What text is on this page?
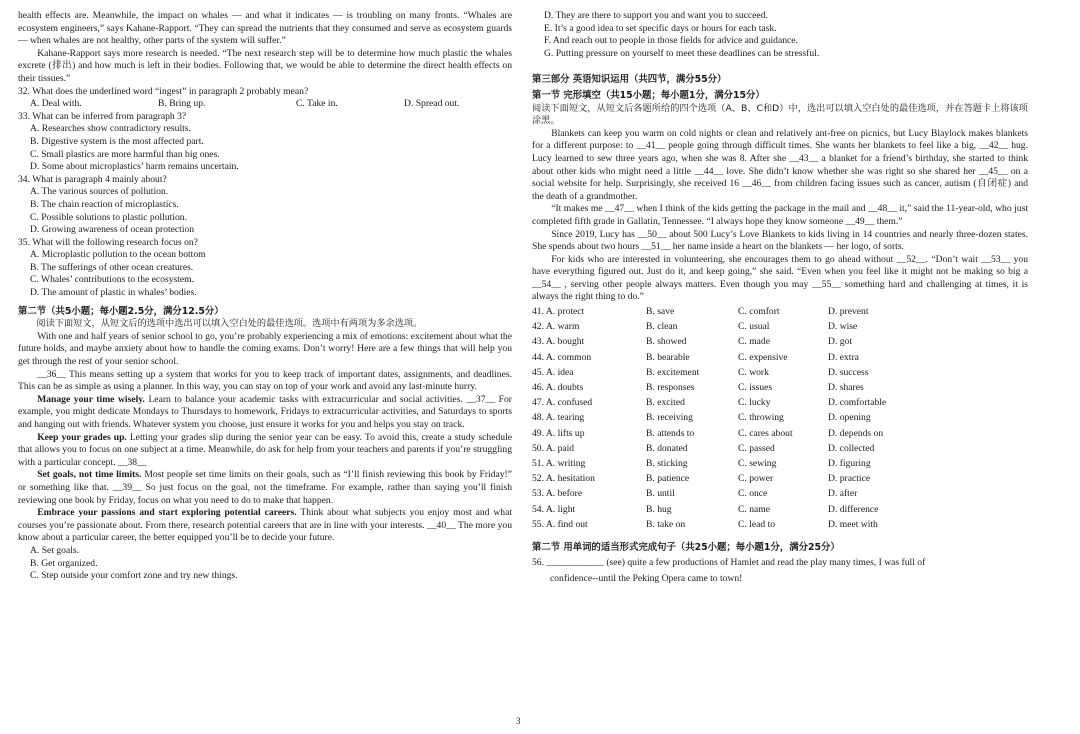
health effects are. Meanwhile, the impact on whales — and what it indicates — is troubling on many fronts. “Whales are ecosystem engineers,” says Kahane-Rapport. “They can spread the nutrients that they consumed and serve as ecosystem guards — when whales are not healthy, other parts of the system will suffer.”

Kahane-Rapport says more research is needed. “The next research step will be to determine how much plastic the whales excrete (排出) and how much is left in their bodies. Following that, we would be able to determine the direct health effects on their tissues.”

32. What does the underlined word “ingest” in paragraph 2 probably mean?

A. Deal with.	B. Bring up.	C. Take in.	D. Spread out.

33. What can be inferred from paragraph 3?

A. Researches show contradictory results.

B. Digestive system is the most affected part.

C. Small plastics are more harmful than big ones.

D. Some about microplastics’ harm remains uncertain.

34. What is paragraph 4 mainly about?

A. The various sources of pollution.

B. The chain reaction of microplastics.

C. Possible solutions to plastic pollution.

D. Growing awareness of ocean protection

35. What will the following research focus on?

A. Microplastic pollution to the ocean bottom

B. The sufferings of other ocean creatures.

C. Whales’ contributions to the ecosystem.

D. The amount of plastic in whales’ bodies.

第二节（共5小题；每小题2.5分，满分12.5分）

阅读下面短文，从短文后的选项中选出可以填入空白处的最佳选项。选项中有两项为多余选项。

With one and half years of senior school to go, you’re probably experiencing a mix of emotions: excitement about what the future holds, and maybe anxiety about how to handle the coming exams. Don’t worry! Here are a few things that will help you get through the rest of your senior school.

__36__ This means setting up a system that works for you to keep track of important dates, assignments, and deadlines. This can be as simple as using a planner. In this way, you can stay on top of your work and avoid any last-minute hurry.

Manage your time wisely. Learn to balance your academic tasks with extracurricular and social activities. __37__ For example, you might dedicate Mondays to Thursdays to homework, Fridays to extracurricular activities, and Saturdays to sports and hanging out with friends. Whatever system you choose, just ensure it works for you and helps you stay on track.

Keep your grades up. Letting your grades slip during the senior year can be easy. To avoid this, create a study schedule that allows you to focus on one subject at a time. Meanwhile, do ask for help from your teachers and parents if you’re struggling with a particular concept. __38__

Set goals, not time limits. Most people set time limits on their goals, such as “I’ll finish reviewing this book by Friday!” or something like that. __39__ So just focus on the goal, not the timeframe. For example, rather than saying you’ll finish reviewing one book by Friday, focus on what you need to do to make that happen.

Embrace your passions and start exploring potential careers. Think about what subjects you enjoy most and what courses you’re passionate about. From there, research potential careers that are in line with your interests. __40__ The more you know about a particular career, the better equipped you’ll be to decide your future.

A. Set goals.

B. Get organized.

C. Step outside your comfort zone and try new things.

D. They are there to support you and want you to succeed.

E. It’s a good idea to set specific days or hours for each task.

F. And reach out to people in those fields for advice and guidance.

G. Putting pressure on yourself to meet these deadlines can be stressful.

第三部分 英语知识运用（共四节，满分55分）

第一节 完形填空（共15小题；每小题1分，满分15分）

阅读下面短文，从短文后各题所给的四个选项（A、B、C和D）中，选出可以填入空白处的最佳选项，并在答题卡上将该项涂黑。

Blankets can keep you warm on cold nights or clean and relatively ant-free on picnics, but Lucy Blaylock makes blankets for a different purpose: to __41__ people going through difficult times. She wants her blankets to feel like a big, __42__ hug. Lucy learned to sew three years ago, when she was 8. After she __43__ a blanket for a friend’s birthday, she started to think about other kids who might need a little __44__ love. She didn’t know whether she was right so she shared her __45__ on a social website for help. Surprisingly, she received 16 __46__ from children facing issues such as cancer, autism (自闭症) and the death of a grandmother.

“It makes me __47__ when I think of the kids getting the package in the mail and __48__ it,” said the 11-year-old, who just completed fifth grade in Gallatin, Tennessee. “I always hope they know someone __49__ them.”

Since 2019, Lucy has __50__ about 500 Lucy’s Love Blankets to kids living in 14 countries and nearly three-dozen states. She spends about two hours __51__ her name inside a heart on the blankets — her logo, of sorts.

For kids who are interested in volunteering, she encourages them to go ahead without __52__. “Don’t wait __53__ you have everything figured out. Just do it, and keep going,” she said. “Even when you feel like it might not be making so big a __54__ , serving other people always matters. Even though you may __55__ something hard and challenging at times, it is always the right thing to do.”

41. A. protect	B. save	C. comfort	D. prevent
42. A. warm	B. clean	C. usual	D. wise
43. A. bought	B. showed	C. made	D. got
44. A. common	B. bearable	C. expensive	D. extra
45. A. idea	B. excitement	C. work	D. success
46. A. doubts	B. responses	C. issues	D. shares
47. A. confused	B. excited	C. lucky	D. comfortable
48. A. tearing	B. receiving	C. throwing	D. opening
49. A. lifts up	B. attends to	C. cares about	D. depends on
50. A. paid	B. donated	C. passed	D. collected
51. A. writing	B. sticking	C. sewing	D. figuring
52. A. hesitation	B. patience	C. power	D. practice
53. A. before	B. until	C. once	D. after
54. A. light	B. hug	C. name	D. difference
55. A. find out	B. take on	C. lead to	D. meet with

第二节 用单词的适当形式完成句子（共25小题；每小题1分，满分25分）

56. ____________ (see) quite a few productions of Hamlet and read the play many times, I was full of

confidence--until the Peking Opera came to town!

3
